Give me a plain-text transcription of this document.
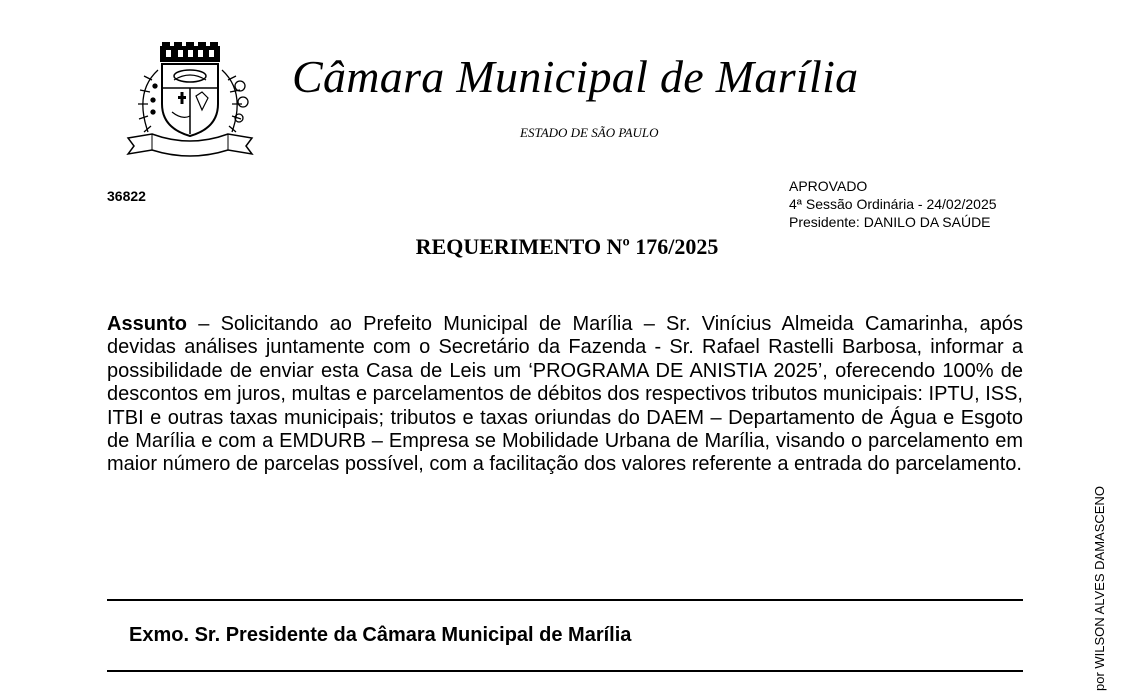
Câmara Municipal de Marília
ESTADO DE SÃO PAULO
36822
APROVADO
4ª Sessão Ordinária - 24/02/2025
Presidente: DANILO DA SAÚDE
REQUERIMENTO Nº 176/2025
Assunto – Solicitando ao Prefeito Municipal de Marília – Sr. Vinícius Almeida Camarinha, após devidas análises juntamente com o Secretário da Fazenda - Sr. Rafael Rastelli Barbosa, informar a possibilidade de enviar esta Casa de Leis um ‘PROGRAMA DE ANISTIA 2025’, oferecendo 100% de descontos em juros, multas e parcelamentos de débitos dos respectivos tributos municipais: IPTU, ISS, ITBI e outras taxas municipais; tributos e taxas oriundas do DAEM – Departamento de Água e Esgoto de Marília e com a EMDURB – Empresa se Mobilidade Urbana de Marília, visando o parcelamento em maior número de parcelas possível, com a facilitação dos valores referente a entrada do parcelamento.
Exmo. Sr. Presidente da Câmara Municipal de Marília	por WILSON ALVES DAMASCENO
